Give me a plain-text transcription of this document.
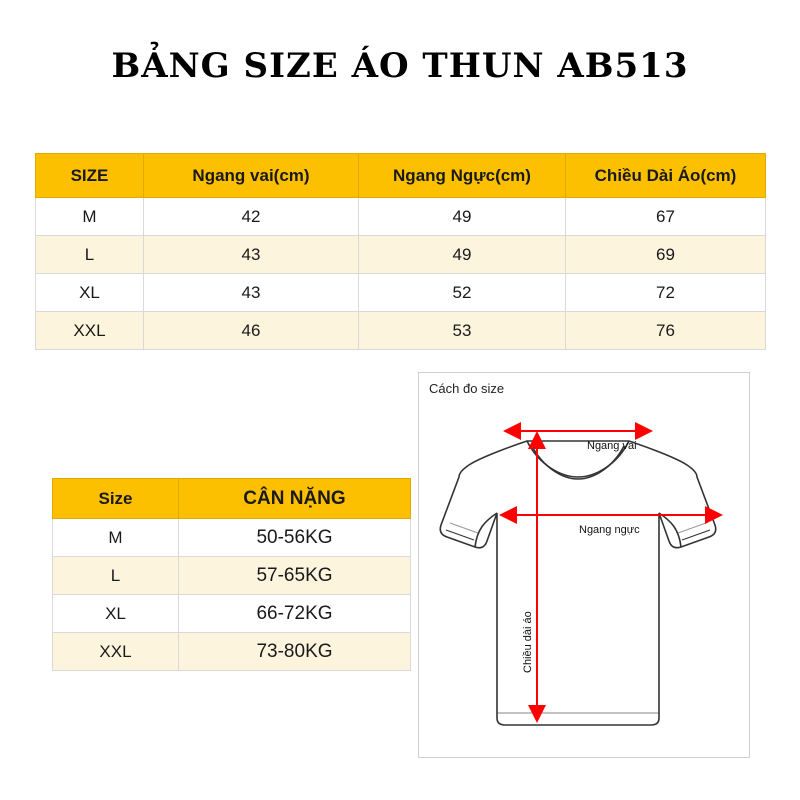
BẢNG SIZE ÁO THUN AB513
SIZE	Ngang vai(cm)	Ngang Ngực(cm)	Chiều Dài Áo(cm)
M	42	49	67
L	43	49	69
XL	43	52	72
XXL	46	53	76
Size	CÂN NẶNG
M	50-56KG
L	57-65KG
XL	66-72KG
XXL	73-80KG
Cách đo size
Ngang vai
Ngang ngực
Chiều dài áo
